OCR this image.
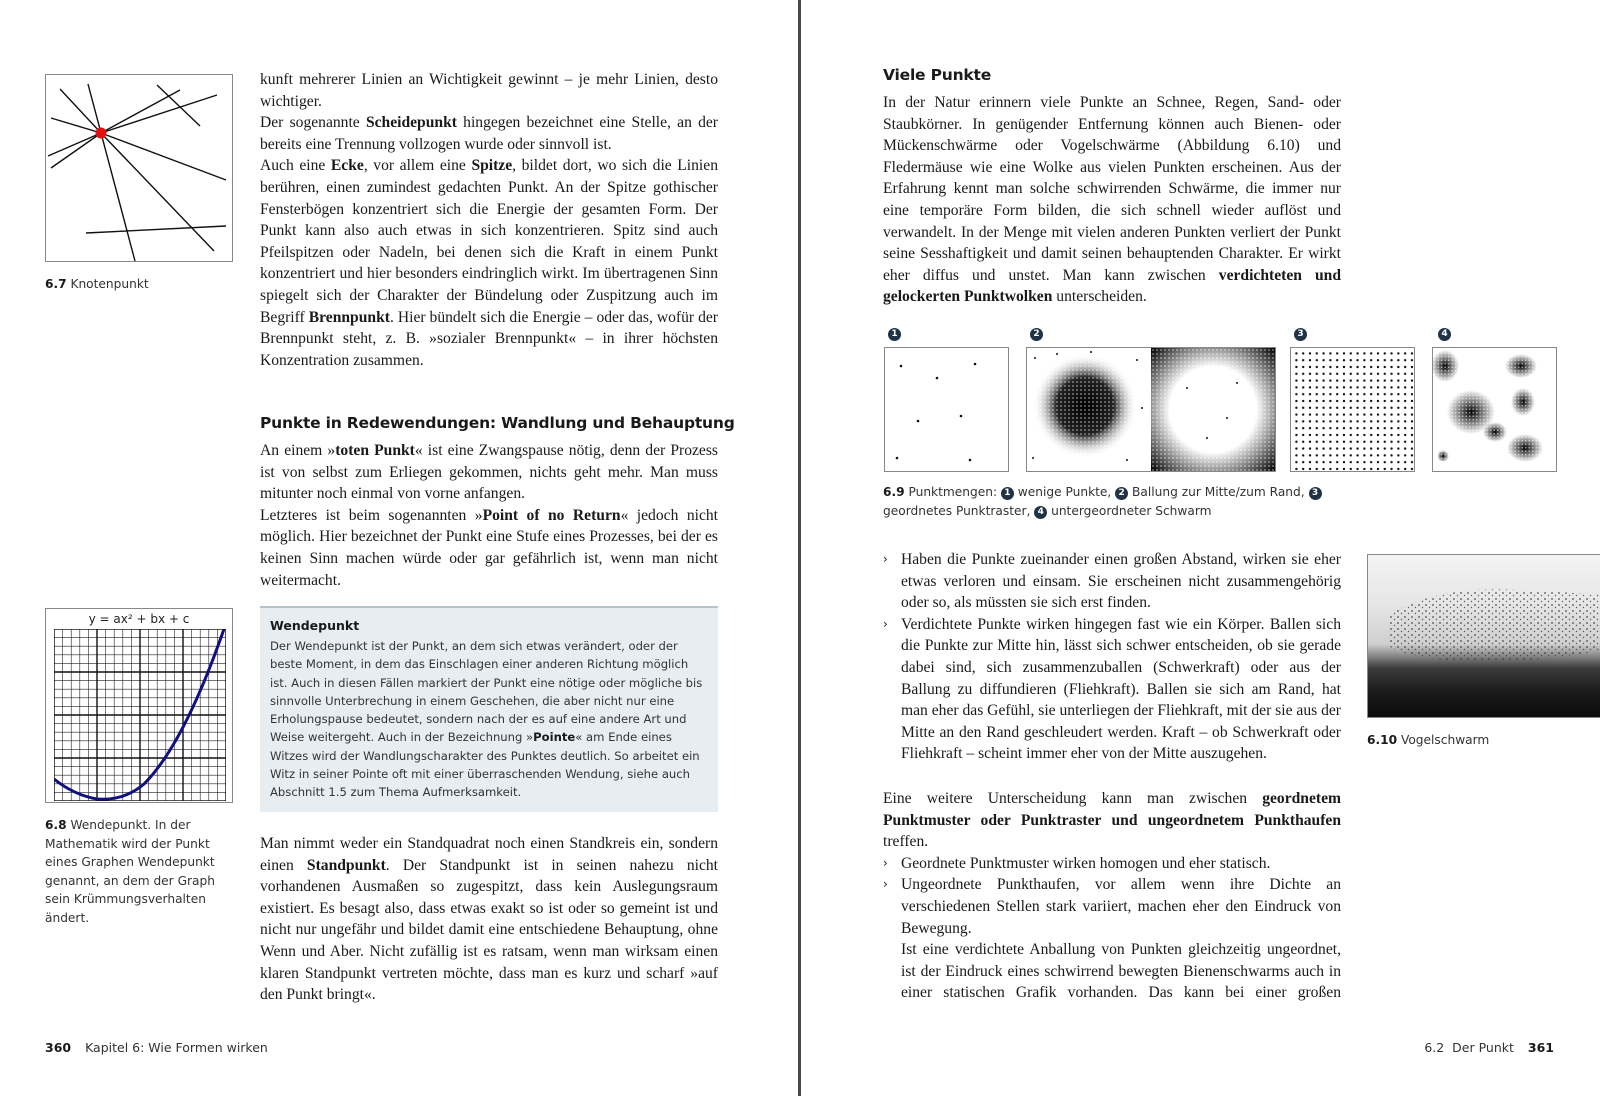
6.7 Knotenpunkt

kunft mehrerer Linien an Wichtigkeit gewinnt – je mehr Linien, desto wichtiger.

Der sogenannte Scheidepunkt hingegen bezeichnet eine Stelle, an der bereits eine Trennung vollzogen wurde oder sinnvoll ist.

Auch eine Ecke, vor allem eine Spitze, bildet dort, wo sich die Linien berühren, einen zumindest gedachten Punkt. An der Spitze gothischer Fensterbögen konzentriert sich die Energie der gesamten Form. Der Punkt kann also auch etwas in sich konzentrieren. Spitz sind auch Pfeilspitzen oder Nadeln, bei denen sich die Kraft in einem Punkt konzentriert und hier besonders eindringlich wirkt. Im übertragenen Sinn spiegelt sich der Charakter der Bündelung oder Zuspitzung auch im Begriff Brennpunkt. Hier bündelt sich die Energie – oder das, wofür der Brennpunkt steht, z. B. »sozialer Brennpunkt« – in ihrer höchsten Konzentration zusammen.

Punkte in Redewendungen: Wandlung und Behauptung

An einem »toten Punkt« ist eine Zwangspause nötig, denn der Prozess ist von selbst zum Erliegen gekommen, nichts geht mehr. Man muss mitunter noch einmal von vorne anfangen.

Letzteres ist beim sogenannten »Point of no Return« jedoch nicht möglich. Hier bezeichnet der Punkt eine Stufe eines Prozesses, bei der es keinen Sinn machen würde oder gar gefährlich ist, wenn man nicht weitermacht.

y = ax² + bx + c
6.8 Wendepunkt. In der Mathematik wird der Punkt eines Graphen Wendepunkt genannt, an dem der Graph sein Krümmungsverhalten ändert.
Wendepunkt
Der Wendepunkt ist der Punkt, an dem sich etwas verändert, oder der beste Moment, in dem das Einschlagen einer anderen Richtung möglich ist. Auch in diesen Fällen markiert der Punkt eine nötige oder mögliche bis sinnvolle Unterbrechung in einem Geschehen, die aber nicht nur eine Erholungspause bedeutet, sondern nach der es auf eine andere Art und Weise weitergeht. Auch in der Bezeichnung »Pointe« am Ende eines Witzes wird der Wandlungscharakter des Punktes deutlich. So arbeitet ein Witz in seiner Pointe oft mit einer überraschenden Wendung, siehe auch Abschnitt 1.5 zum Thema Aufmerksamkeit.

Man nimmt weder ein Standquadrat noch einen Standkreis ein, sondern einen Standpunkt. Der Standpunkt ist in seinen nahezu nicht vorhandenen Ausmaßen so zugespitzt, dass kein Auslegungsraum existiert. Es besagt also, dass etwas exakt so ist oder so gemeint ist und nicht nur ungefähr und bildet damit eine entschiedene Behauptung, ohne Wenn und Aber. Nicht zufällig ist es ratsam, wenn man wirksam einen klaren Standpunkt vertreten möchte, dass man es kurz und scharf »auf den Punkt bringt«.

360 Kapitel 6: Wie Formen wirken
Viele Punkte

In der Natur erinnern viele Punkte an Schnee, Regen, Sand- oder Staubkörner. In genügender Entfernung können auch Bienen- oder Mückenschwärme oder Vogelschwärme (Abbildung 6.10) und Fledermäuse wie eine Wolke aus vielen Punkten erscheinen. Aus der Erfahrung kennt man solche schwirrenden Schwärme, die immer nur eine temporäre Form bilden, die sich schnell wieder auflöst und verwandelt. In der Menge mit vielen anderen Punkten verliert der Punkt seine Sesshaftigkeit und damit seinen behauptenden Charakter. Er wirkt eher diffus und unstet. Man kann zwischen verdichteten und gelockerten Punktwolken unterscheiden.

1	2	3	4
6.9 Punktmengen: 1 wenige Punkte, 2 Ballung zur Mitte/zum Rand, 3 geordnetes Punktraster, 4 untergeordneter Schwarm
› Haben die Punkte zueinander einen großen Abstand, wirken sie eher etwas verloren und einsam. Sie erscheinen nicht zusammengehörig oder so, als müssten sie sich erst finden.
› Verdichtete Punkte wirken hingegen fast wie ein Körper. Ballen sich die Punkte zur Mitte hin, lässt sich schwer entscheiden, ob sie gerade dabei sind, sich zusammenzuballen (Schwerkraft) oder aus der Ballung zu diffundieren (Fliehkraft). Ballen sie sich am Rand, hat man eher das Gefühl, sie unterliegen der Fliehkraft, mit der sie aus der Mitte an den Rand geschleudert werden. Kraft – ob Schwerkraft oder Fliehkraft – scheint immer eher von der Mitte auszugehen.
6.10 Vogelschwarm

Eine weitere Unterscheidung kann man zwischen geordnetem Punktmuster oder Punktraster und ungeordnetem Punkthaufen treffen.

› Geordnete Punktmuster wirken homogen und eher statisch.
› Ungeordnete Punkthaufen, vor allem wenn ihre Dichte an verschiedenen Stellen stark variiert, machen eher den Eindruck von Bewegung.

Ist eine verdichtete Anballung von Punkten gleichzeitig ungeordnet, ist der Eindruck eines schwirrend bewegten Bienenschwarms auch in einer statischen Grafik vorhanden. Das kann bei einer großen

6.2  Der Punkt 361
